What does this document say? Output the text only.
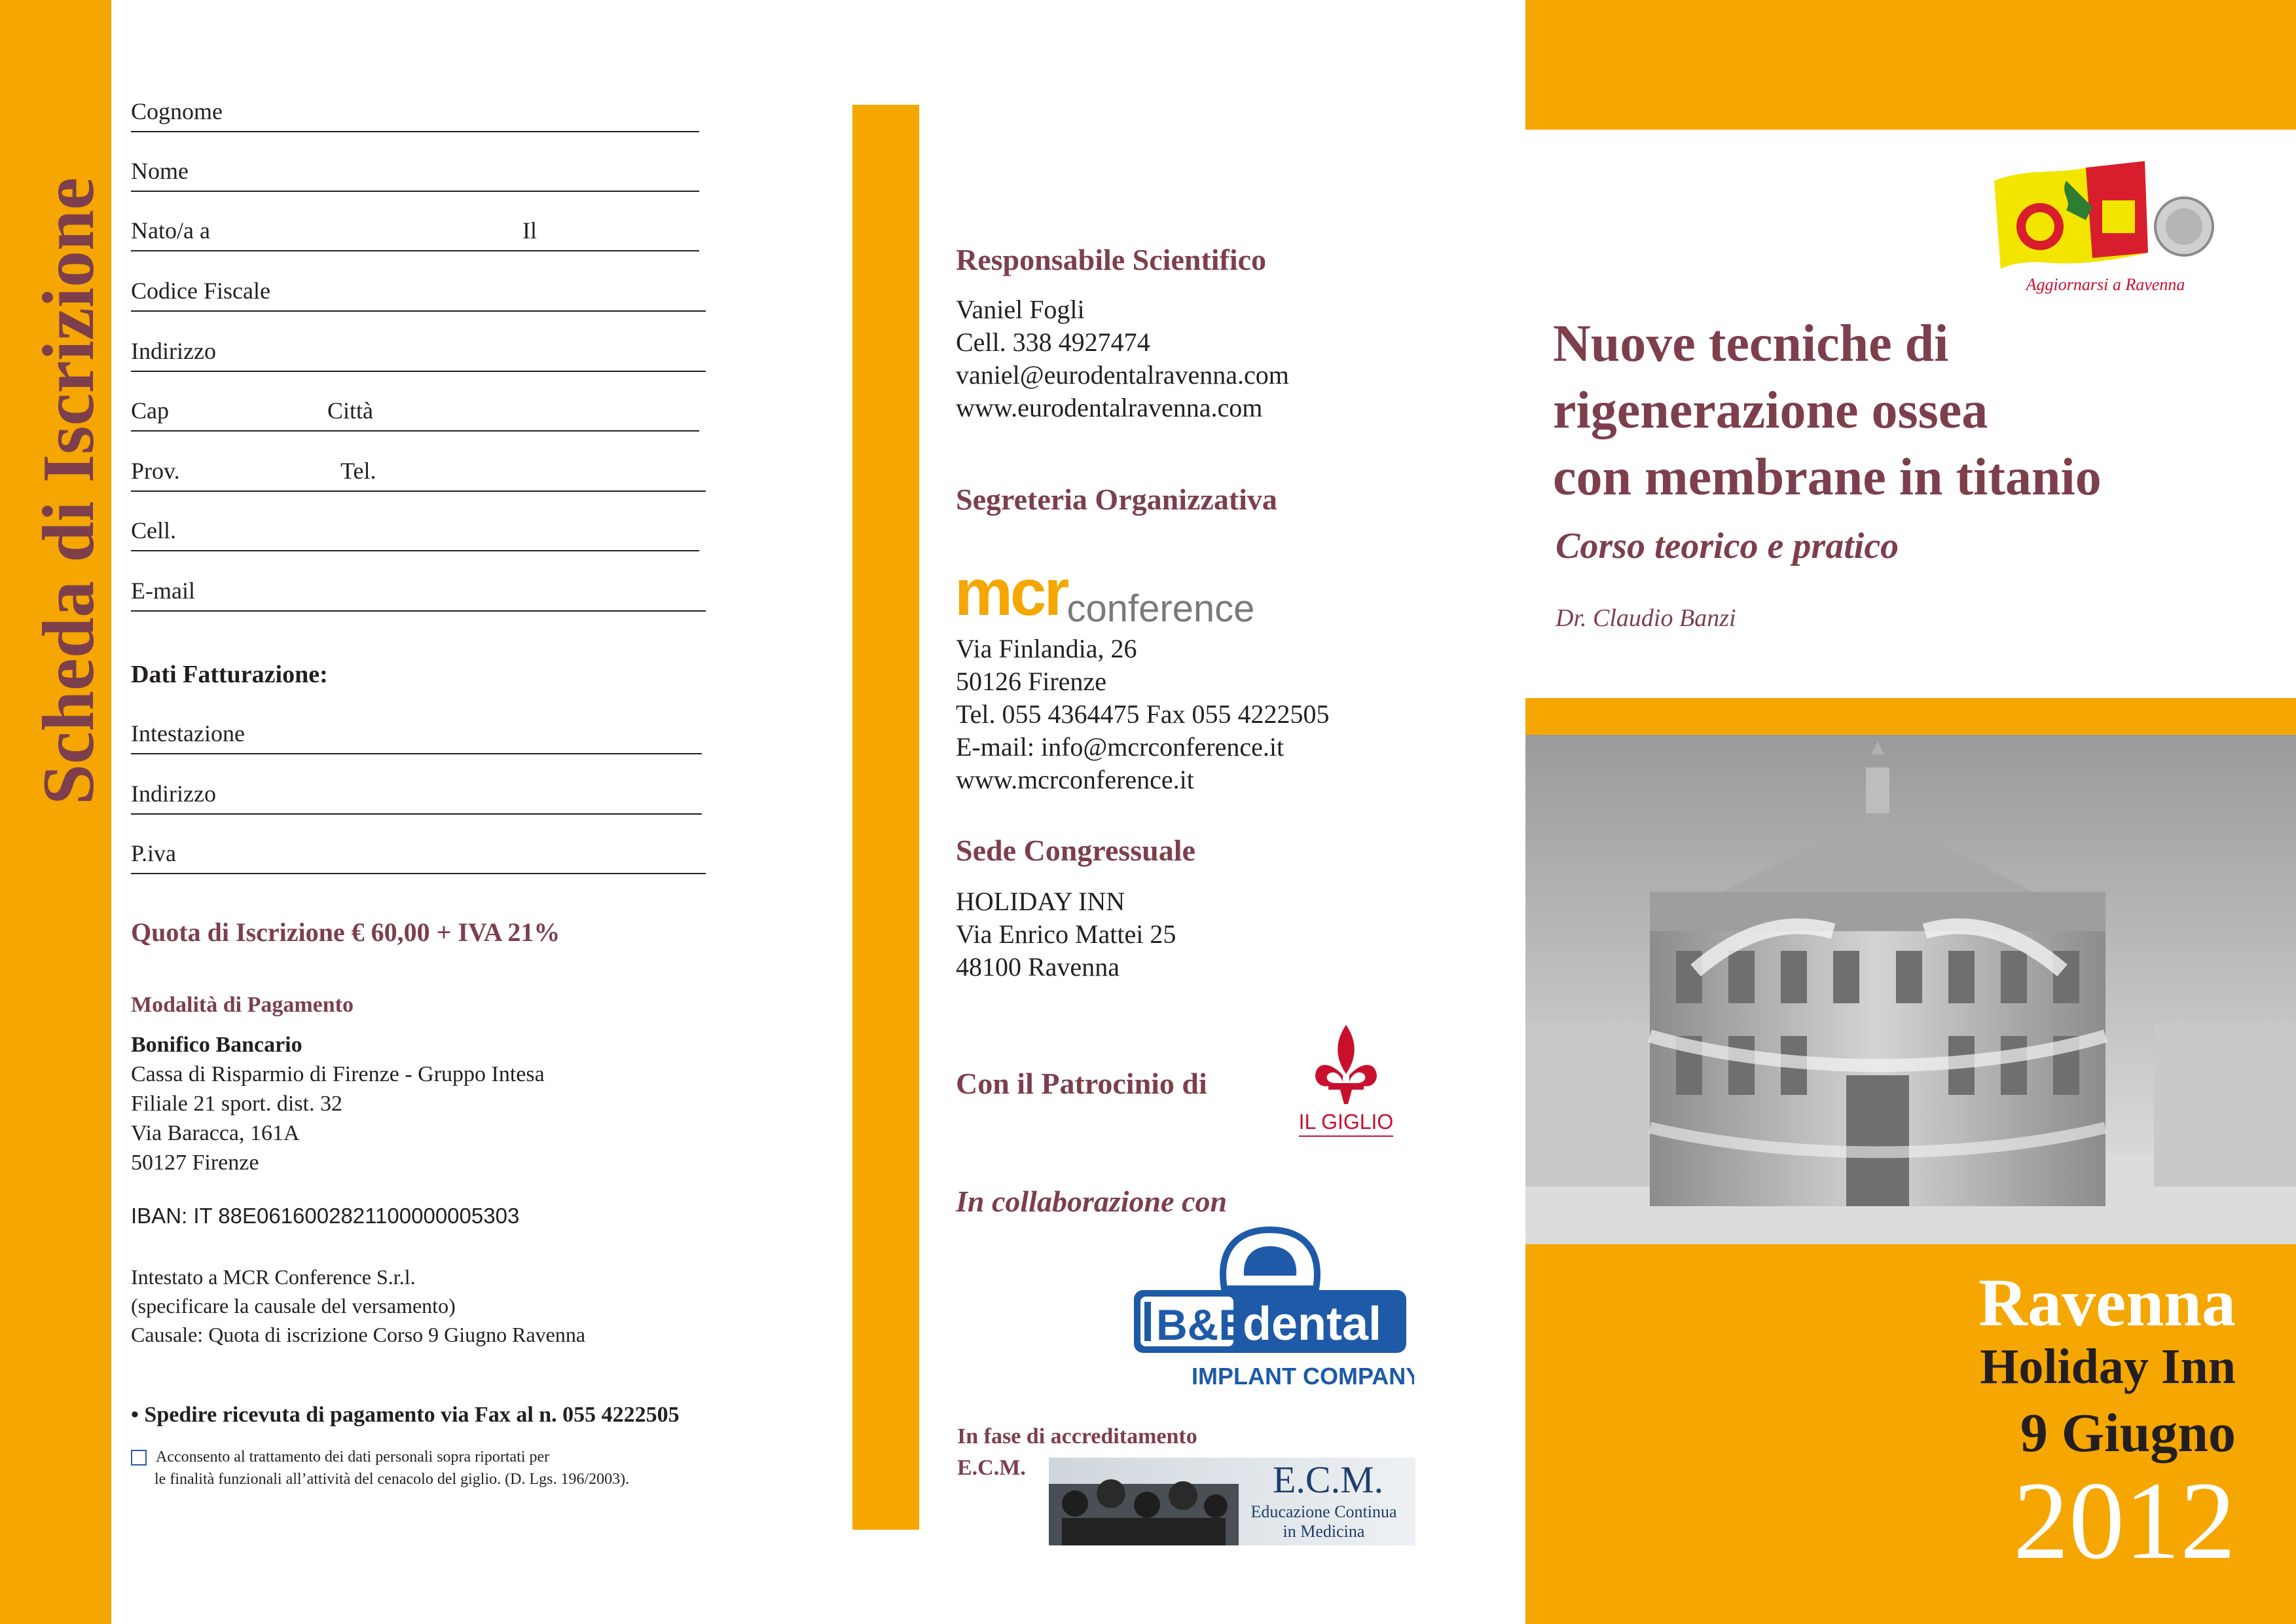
Scheda di Iscrizione
Cognome
Nome
Nato/a a	Il
Codice Fiscale
Indirizzo
Cap	Città
Prov.	Tel.
Cell.
E-mail
Dati Fatturazione:
Intestazione
Indirizzo
P.iva
Quota di Iscrizione € 60,00 + IVA 21%
Modalità di Pagamento
Bonifico Bancario
Cassa di Risparmio di Firenze - Gruppo Intesa
Filiale 21 sport. dist. 32
Via Baracca, 161A
50127 Firenze
IBAN: IT 88E0616002821100000005303
Intestato a MCR Conference S.r.l.
(specificare la causale del versamento)
Causale: Quota di iscrizione Corso 9 Giugno Ravenna
• Spedire ricevuta di pagamento via Fax al n. 055 4222505
Acconsento al trattamento dei dati personali sopra riportati per
le finalità funzionali all’attività del cenacolo del giglio. (D. Lgs. 196/2003).
Responsabile Scientifico
Vaniel Fogli
Cell. 338 4927474
vaniel@eurodentalravenna.com
www.eurodentalravenna.com
Segreteria Organizzativa
mcrconference
Via Finlandia, 26
50126 Firenze
Tel. 055 4364475 Fax 055 4222505
E-mail: info@mcrconference.it
www.mcrconference.it
Sede Congressuale
HOLIDAY INN
Via Enrico Mattei 25
48100 Ravenna
Con il Patrocinio di
IL GIGLIO
In collaborazione con
B&B
dental
IMPLANT COMPANY
In fase di accreditamento
E.C.M.	E.C.M.
Educazione Continua
in Medicina
Aggiornarsi a Ravenna
Nuove tecniche di
rigenerazione ossea
con membrane in titanio
Corso teorico e pratico
Dr. Claudio Banzi
Ravenna
Holiday Inn
9 Giugno
2012
